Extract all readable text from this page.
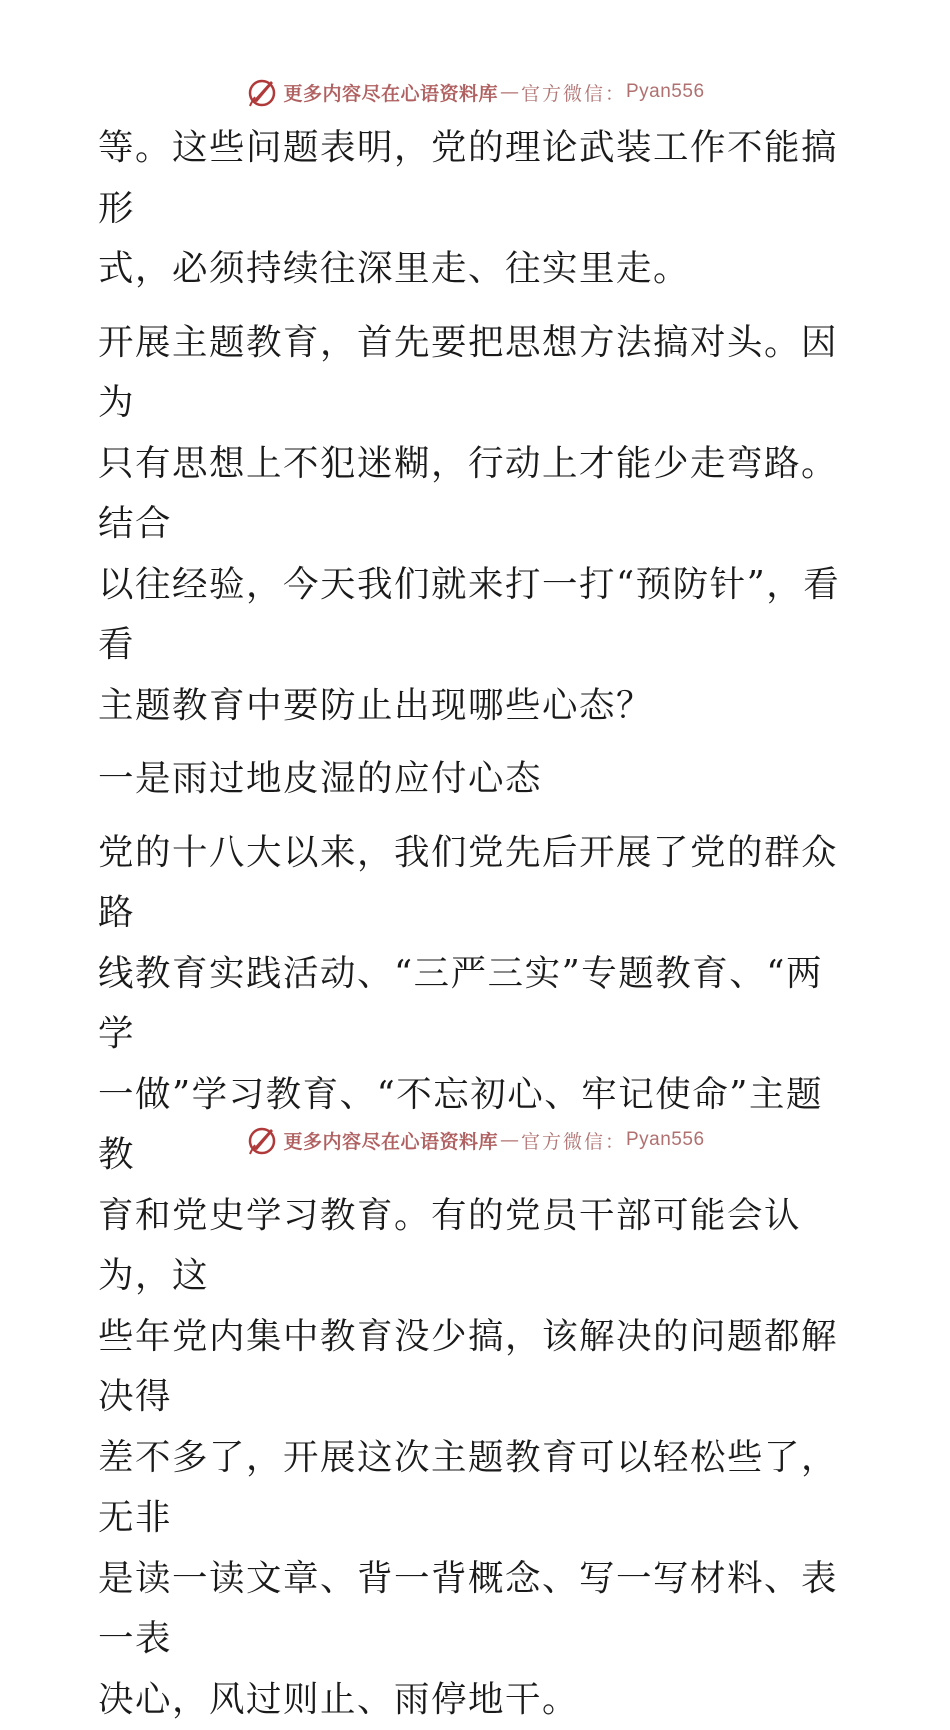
更多内容尽在心语资料库 — 官方微信： Pyan556

等。这些问题表明，党的理论武装工作不能搞形

式，必须持续往深里走、往实里走。

开展主题教育，首先要把思想方法搞对头。因为

只有思想上不犯迷糊，行动上才能少走弯路。结合

以往经验，今天我们就来打一打“预防针”，看看

主题教育中要防止出现哪些心态？

一是雨过地皮湿的应付心态

党的十八大以来，我们党先后开展了党的群众路

线教育实践活动、“三严三实”专题教育、“两学

一做”学习教育、“不忘初心、牢记使命”主题教

育和党史学习教育。有的党员干部可能会认为，这

些年党内集中教育没少搞，该解决的问题都解决得

差不多了，开展这次主题教育可以轻松些了，无非

是读一读文章、背一背概念、写一写材料、表一表

决心，风过则止、雨停地干。

更多内容尽在心语资料库 — 官方微信： Pyan556
